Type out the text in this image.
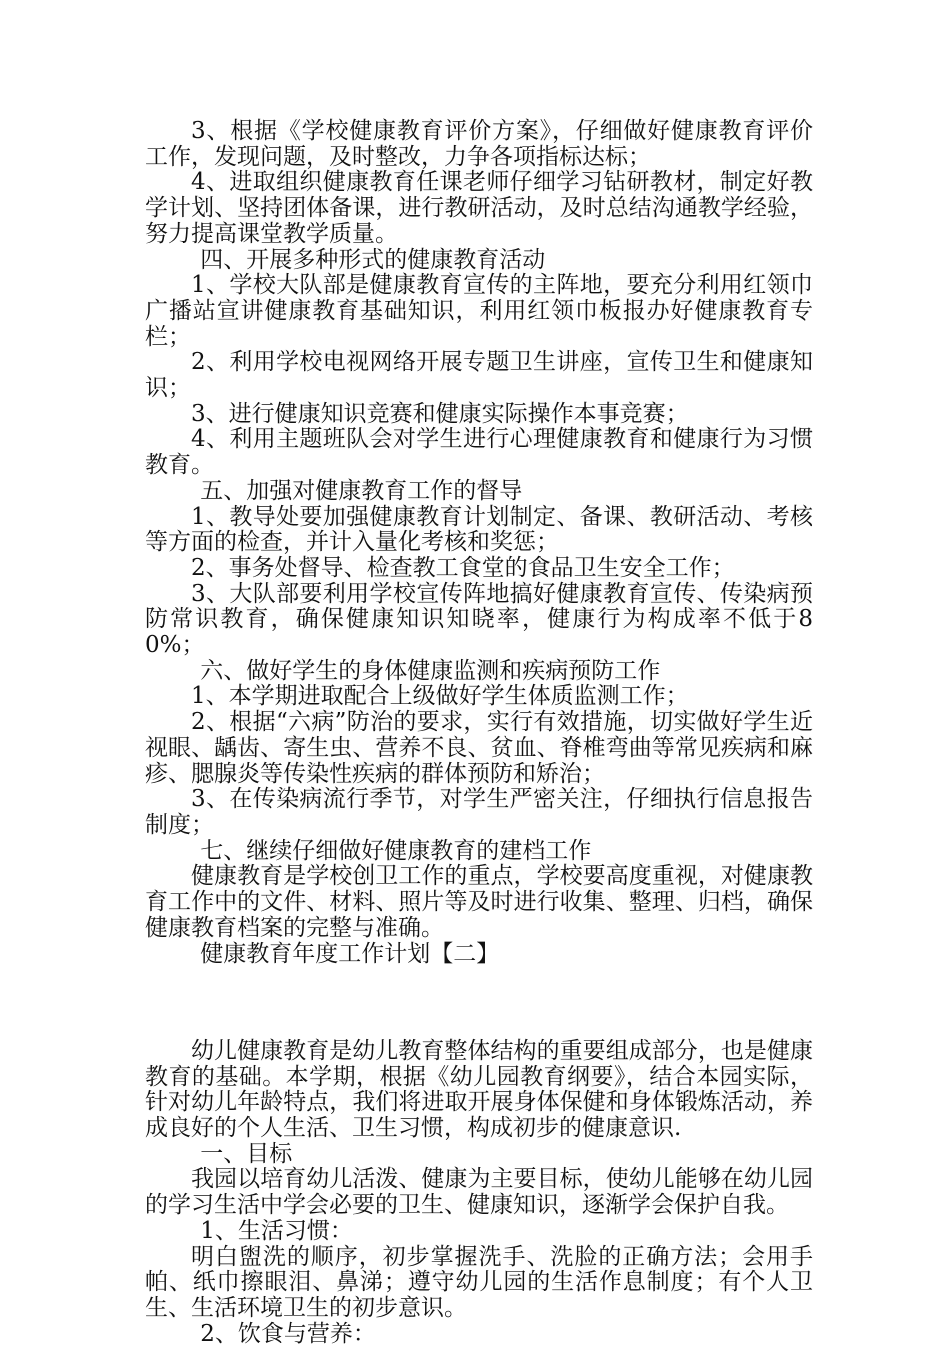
3、根据《学校健康教育评价方案》，仔细做好健康教育评价工作，发现问题，及时整改，力争各项指标达标；

4、进取组织健康教育任课老师仔细学习钻研教材，制定好教学计划、坚持团体备课，进行教研活动，及时总结沟通教学经验，努力提高课堂教学质量。

四、开展多种形式的健康教育活动

1、学校大队部是健康教育宣传的主阵地，要充分利用红领巾广播站宣讲健康教育基础知识，利用红领巾板报办好健康教育专栏；

2、利用学校电视网络开展专题卫生讲座，宣传卫生和健康知识；

3、进行健康知识竞赛和健康实际操作本事竞赛；

4、利用主题班队会对学生进行心理健康教育和健康行为习惯教育。

五、加强对健康教育工作的督导

1、教导处要加强健康教育计划制定、备课、教研活动、考核等方面的检查，并计入量化考核和奖惩；

2、事务处督导、检查教工食堂的食品卫生安全工作；

3、大队部要利用学校宣传阵地搞好健康教育宣传、传染病预防常识教育，确保健康知识知晓率，健康行为构成率不低于80%；

六、做好学生的身体健康监测和疾病预防工作

1、本学期进取配合上级做好学生体质监测工作；

2、根据“六病”防治的要求，实行有效措施，切实做好学生近视眼、龋齿、寄生虫、营养不良、贫血、脊椎弯曲等常见疾病和麻疹、腮腺炎等传染性疾病的群体预防和矫治；

3、在传染病流行季节，对学生严密关注，仔细执行信息报告制度；

七、继续仔细做好健康教育的建档工作

健康教育是学校创卫工作的重点，学校要高度重视，对健康教育工作中的文件、材料、照片等及时进行收集、整理、归档，确保健康教育档案的完整与准确。

健康教育年度工作计划【二】

幼儿健康教育是幼儿教育整体结构的重要组成部分，也是健康教育的基础。本学期，根据《幼儿园教育纲要》，结合本园实际，针对幼儿年龄特点，我们将进取开展身体保健和身体锻炼活动，养成良好的个人生活、卫生习惯，构成初步的健康意识.

一、目标

我园以培育幼儿活泼、健康为主要目标，使幼儿能够在幼儿园的学习生活中学会必要的卫生、健康知识，逐渐学会保护自我。

1、生活习惯：

明白盥洗的顺序，初步掌握洗手、洗脸的正确方法；会用手帕、纸巾擦眼泪、鼻涕；遵守幼儿园的生活作息制度；有个人卫生、生活环境卫生的初步意识。

2、饮食与营养：
